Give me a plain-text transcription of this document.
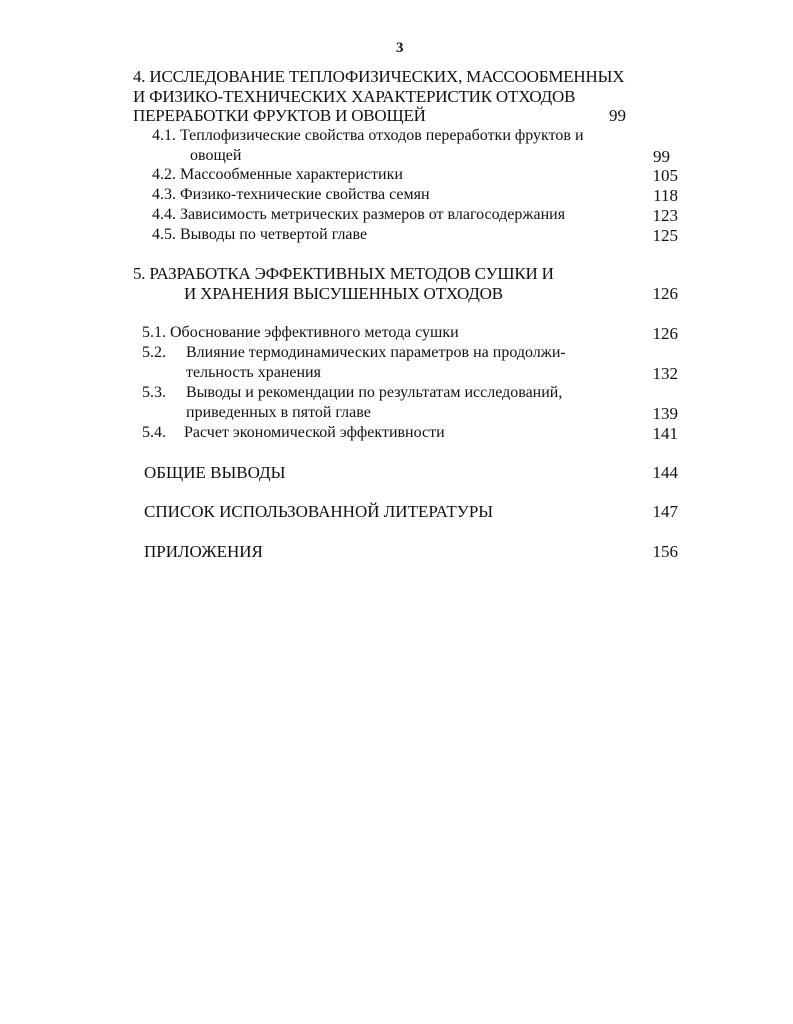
3
4. ИССЛЕДОВАНИЕ ТЕПЛОФИЗИЧЕСКИХ, МАССООБМЕННЫХ
И ФИЗИКО-ТЕХНИЧЕСКИХ ХАРАКТЕРИСТИК ОТХОДОВ
ПЕРЕРАБОТКИ ФРУКТОВ И ОВОЩЕЙ	99
4.1. Теплофизические свойства отходов переработки фруктов и
овощей	99
4.2. Массообменные характеристики	105
4.3. Физико-технические свойства семян	118
4.4. Зависимость метрических размеров от влагосодержания	123
4.5. Выводы по четвертой главе	125
5. РАЗРАБОТКА ЭФФЕКТИВНЫХ МЕТОДОВ СУШКИ И
И ХРАНЕНИЯ ВЫСУШЕННЫХ ОТХОДОВ	126
5.1. Обоснование эффективного метода сушки	126
5.2. Влияние термодинамических параметров на продолжи-
тельность хранения	132
5.3. Выводы и рекомендации по результатам исследований,
приведенных в пятой главе	139
5.4. Расчет экономической эффективности	141
ОБЩИЕ ВЫВОДЫ	144
СПИСОК ИСПОЛЬЗОВАННОЙ ЛИТЕРАТУРЫ	147
ПРИЛОЖЕНИЯ	156
